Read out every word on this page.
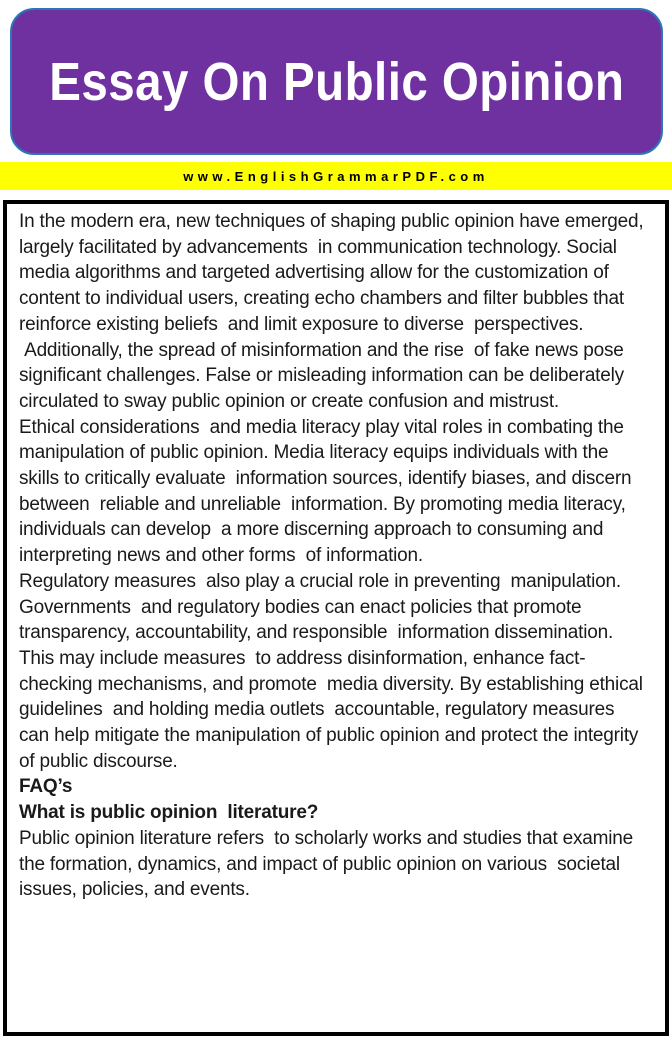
Essay On Public Opinion
www.EnglishGrammarPDF.com

In the modern era, new techniques of shaping public opinion have emerged, largely facilitated by advancements  in communication technology. Social media algorithms and targeted advertising allow for the customization of content to individual users, creating echo chambers and filter bubbles that reinforce existing beliefs  and limit exposure to diverse  perspectives.

Additionally, the spread of misinformation and the rise  of fake news pose significant challenges. False or misleading information can be deliberately circulated to sway public opinion or create confusion and mistrust.

Ethical considerations  and media literacy play vital roles in combating the manipulation of public opinion. Media literacy equips individuals with the skills to critically evaluate  information sources, identify biases, and discern between  reliable and unreliable  information. By promoting media literacy, individuals can develop  a more discerning approach to consuming and interpreting news and other forms  of information.

Regulatory measures  also play a crucial role in preventing  manipulation. Governments  and regulatory bodies can enact policies that promote transparency, accountability, and responsible  information dissemination. This may include measures  to address disinformation, enhance fact-checking mechanisms, and promote  media diversity. By establishing ethical guidelines  and holding media outlets  accountable, regulatory measures  can help mitigate the manipulation of public opinion and protect the integrity of public discourse.

FAQ’s

What is public opinion  literature?

Public opinion literature refers  to scholarly works and studies that examine the formation, dynamics, and impact of public opinion on various  societal issues, policies, and events.
